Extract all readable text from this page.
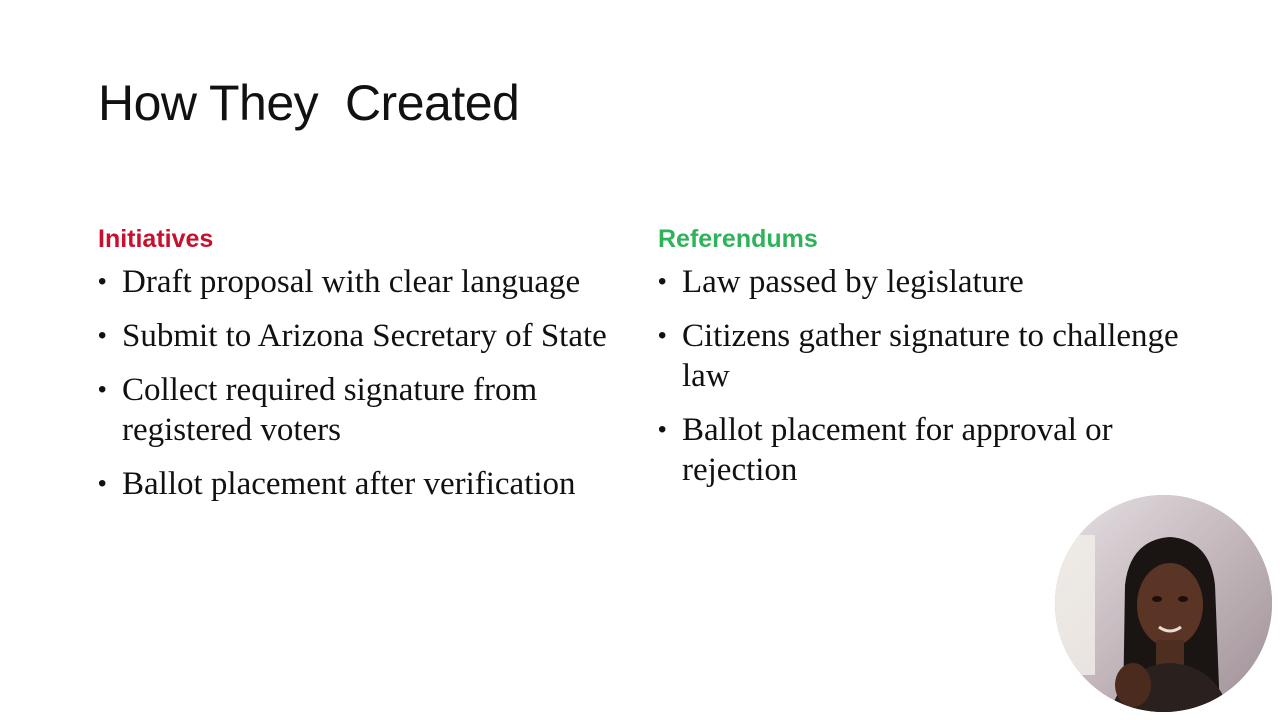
How They  Created
Initiatives
• Draft proposal with clear language
• Submit to Arizona Secretary of State
• Collect required signature from registered voters
• Ballot placement after verification
Referendums
• Law passed by legislature
• Citizens gather signature to challenge law
• Ballot placement for approval or rejection
